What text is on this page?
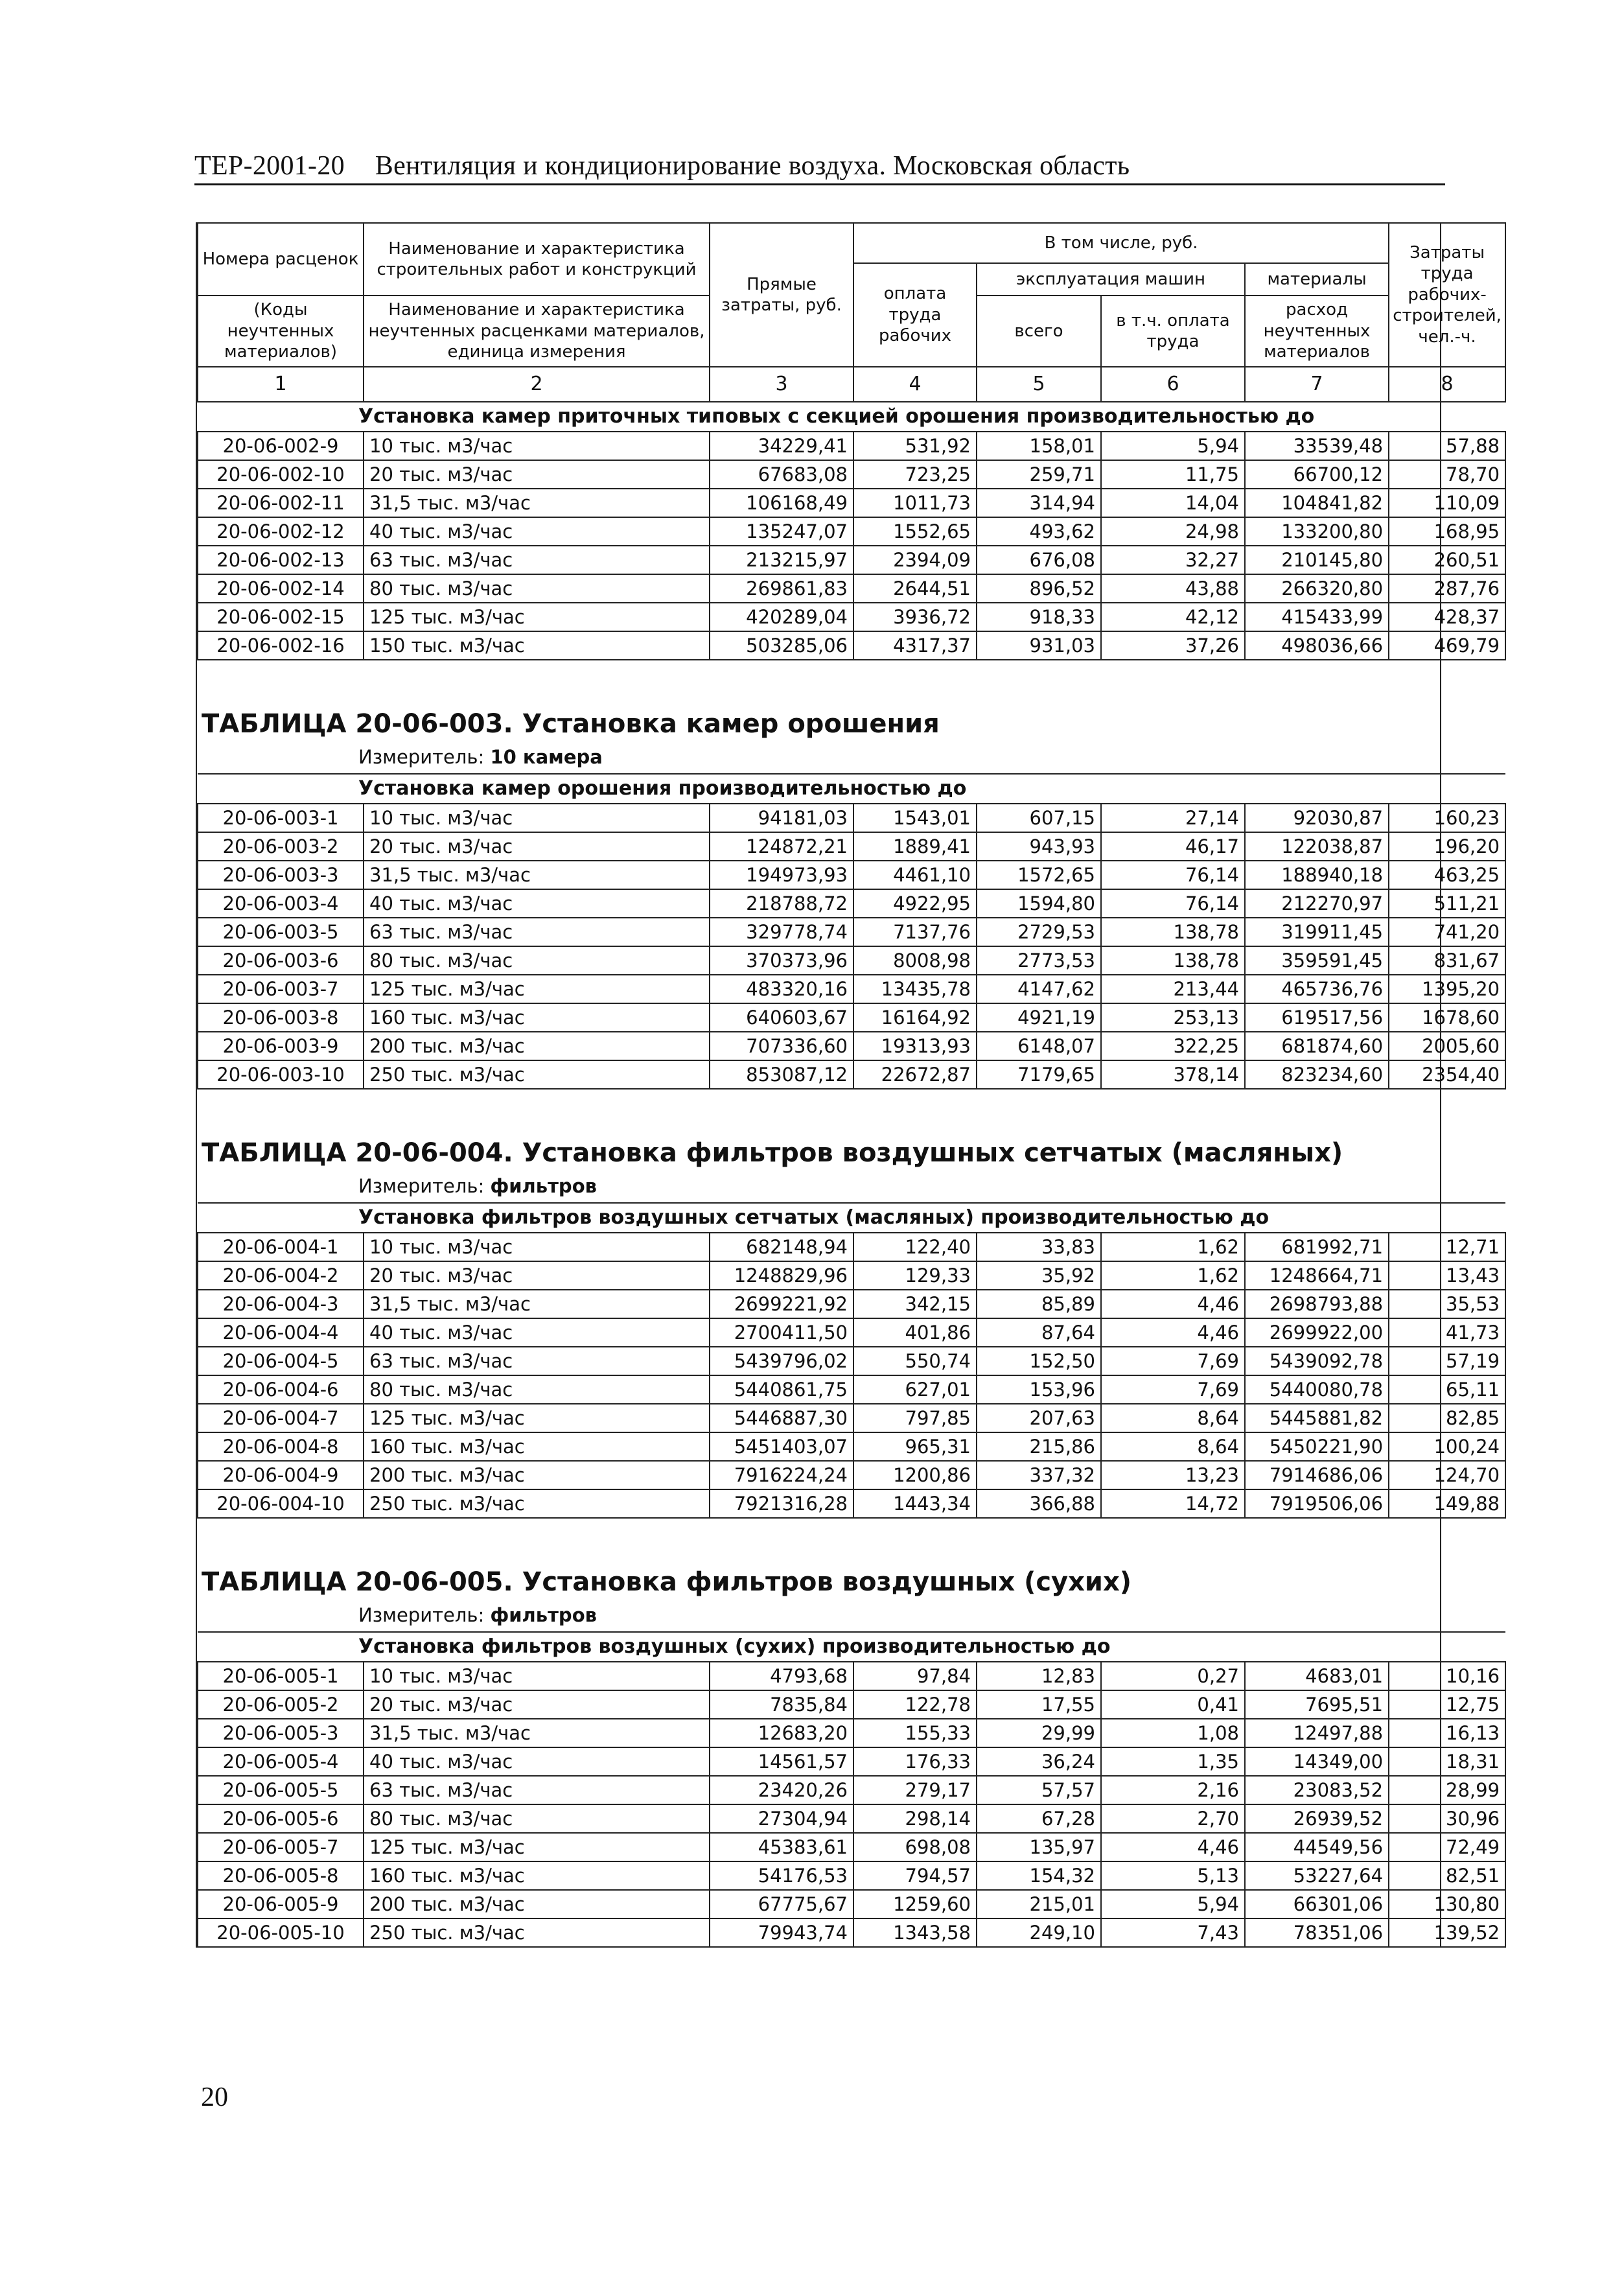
ТЕР-2001-20 Вентиляция и кондиционирование воздуха. Московская область
Номера расценок	Наименование и характеристика строительных работ и конструкций	Прямые затраты, руб.	В том числе, руб.				Затраты труда рабочих-строителей, чел.-ч.
			оплата труда рабочих	эксплуатация машин		материалы	
(Коды неучтенных материалов)	Наименование и характеристика неучтенных расценками материалов, единица измерения			всего	в т.ч. оплата труда	расход неучтенных материалов	

1	2	3	4	5	6	7	8
Установка камер приточных типовых с секцией орошения производительностью до							
20-06-002-9	10 тыс. м3/час	34229,41	531,92	158,01	5,94	33539,48	57,88
20-06-002-10	20 тыс. м3/час	67683,08	723,25	259,71	11,75	66700,12	78,70
20-06-002-11	31,5 тыс. м3/час	106168,49	1011,73	314,94	14,04	104841,82	110,09
20-06-002-12	40 тыс. м3/час	135247,07	1552,65	493,62	24,98	133200,80	168,95
20-06-002-13	63 тыс. м3/час	213215,97	2394,09	676,08	32,27	210145,80	260,51
20-06-002-14	80 тыс. м3/час	269861,83	2644,51	896,52	43,88	266320,80	287,76
20-06-002-15	125 тыс. м3/час	420289,04	3936,72	918,33	42,12	415433,99	428,37
20-06-002-16	150 тыс. м3/час	503285,06	4317,37	931,03	37,26	498036,66	469,79

ТАБЛИЦА 20-06-003. Установка камер орошения							
Измеритель: 10 камера							
Установка камер орошения производительностью до							
20-06-003-1	10 тыс. м3/час	94181,03	1543,01	607,15	27,14	92030,87	160,23
20-06-003-2	20 тыс. м3/час	124872,21	1889,41	943,93	46,17	122038,87	196,20
20-06-003-3	31,5 тыс. м3/час	194973,93	4461,10	1572,65	76,14	188940,18	463,25
20-06-003-4	40 тыс. м3/час	218788,72	4922,95	1594,80	76,14	212270,97	511,21
20-06-003-5	63 тыс. м3/час	329778,74	7137,76	2729,53	138,78	319911,45	741,20
20-06-003-6	80 тыс. м3/час	370373,96	8008,98	2773,53	138,78	359591,45	831,67
20-06-003-7	125 тыс. м3/час	483320,16	13435,78	4147,62	213,44	465736,76	1395,20
20-06-003-8	160 тыс. м3/час	640603,67	16164,92	4921,19	253,13	619517,56	1678,60
20-06-003-9	200 тыс. м3/час	707336,60	19313,93	6148,07	322,25	681874,60	2005,60
20-06-003-10	250 тыс. м3/час	853087,12	22672,87	7179,65	378,14	823234,60	2354,40

ТАБЛИЦА 20-06-004. Установка фильтров воздушных сетчатых (масляных)							
Измеритель: фильтров							
Установка фильтров воздушных сетчатых (масляных) производительностью до							
20-06-004-1	10 тыс. м3/час	682148,94	122,40	33,83	1,62	681992,71	12,71
20-06-004-2	20 тыс. м3/час	1248829,96	129,33	35,92	1,62	1248664,71	13,43
20-06-004-3	31,5 тыс. м3/час	2699221,92	342,15	85,89	4,46	2698793,88	35,53
20-06-004-4	40 тыс. м3/час	2700411,50	401,86	87,64	4,46	2699922,00	41,73
20-06-004-5	63 тыс. м3/час	5439796,02	550,74	152,50	7,69	5439092,78	57,19
20-06-004-6	80 тыс. м3/час	5440861,75	627,01	153,96	7,69	5440080,78	65,11
20-06-004-7	125 тыс. м3/час	5446887,30	797,85	207,63	8,64	5445881,82	82,85
20-06-004-8	160 тыс. м3/час	5451403,07	965,31	215,86	8,64	5450221,90	100,24
20-06-004-9	200 тыс. м3/час	7916224,24	1200,86	337,32	13,23	7914686,06	124,70
20-06-004-10	250 тыс. м3/час	7921316,28	1443,34	366,88	14,72	7919506,06	149,88

ТАБЛИЦА 20-06-005. Установка фильтров воздушных (сухих)							
Измеритель: фильтров							
Установка фильтров воздушных (сухих) производительностью до							
20-06-005-1	10 тыс. м3/час	4793,68	97,84	12,83	0,27	4683,01	10,16
20-06-005-2	20 тыс. м3/час	7835,84	122,78	17,55	0,41	7695,51	12,75
20-06-005-3	31,5 тыс. м3/час	12683,20	155,33	29,99	1,08	12497,88	16,13
20-06-005-4	40 тыс. м3/час	14561,57	176,33	36,24	1,35	14349,00	18,31
20-06-005-5	63 тыс. м3/час	23420,26	279,17	57,57	2,16	23083,52	28,99
20-06-005-6	80 тыс. м3/час	27304,94	298,14	67,28	2,70	26939,52	30,96
20-06-005-7	125 тыс. м3/час	45383,61	698,08	135,97	4,46	44549,56	72,49
20-06-005-8	160 тыс. м3/час	54176,53	794,57	154,32	5,13	53227,64	82,51
20-06-005-9	200 тыс. м3/час	67775,67	1259,60	215,01	5,94	66301,06	130,80
20-06-005-10	250 тыс. м3/час	79943,74	1343,58	249,10	7,43	78351,06	139,52

20
